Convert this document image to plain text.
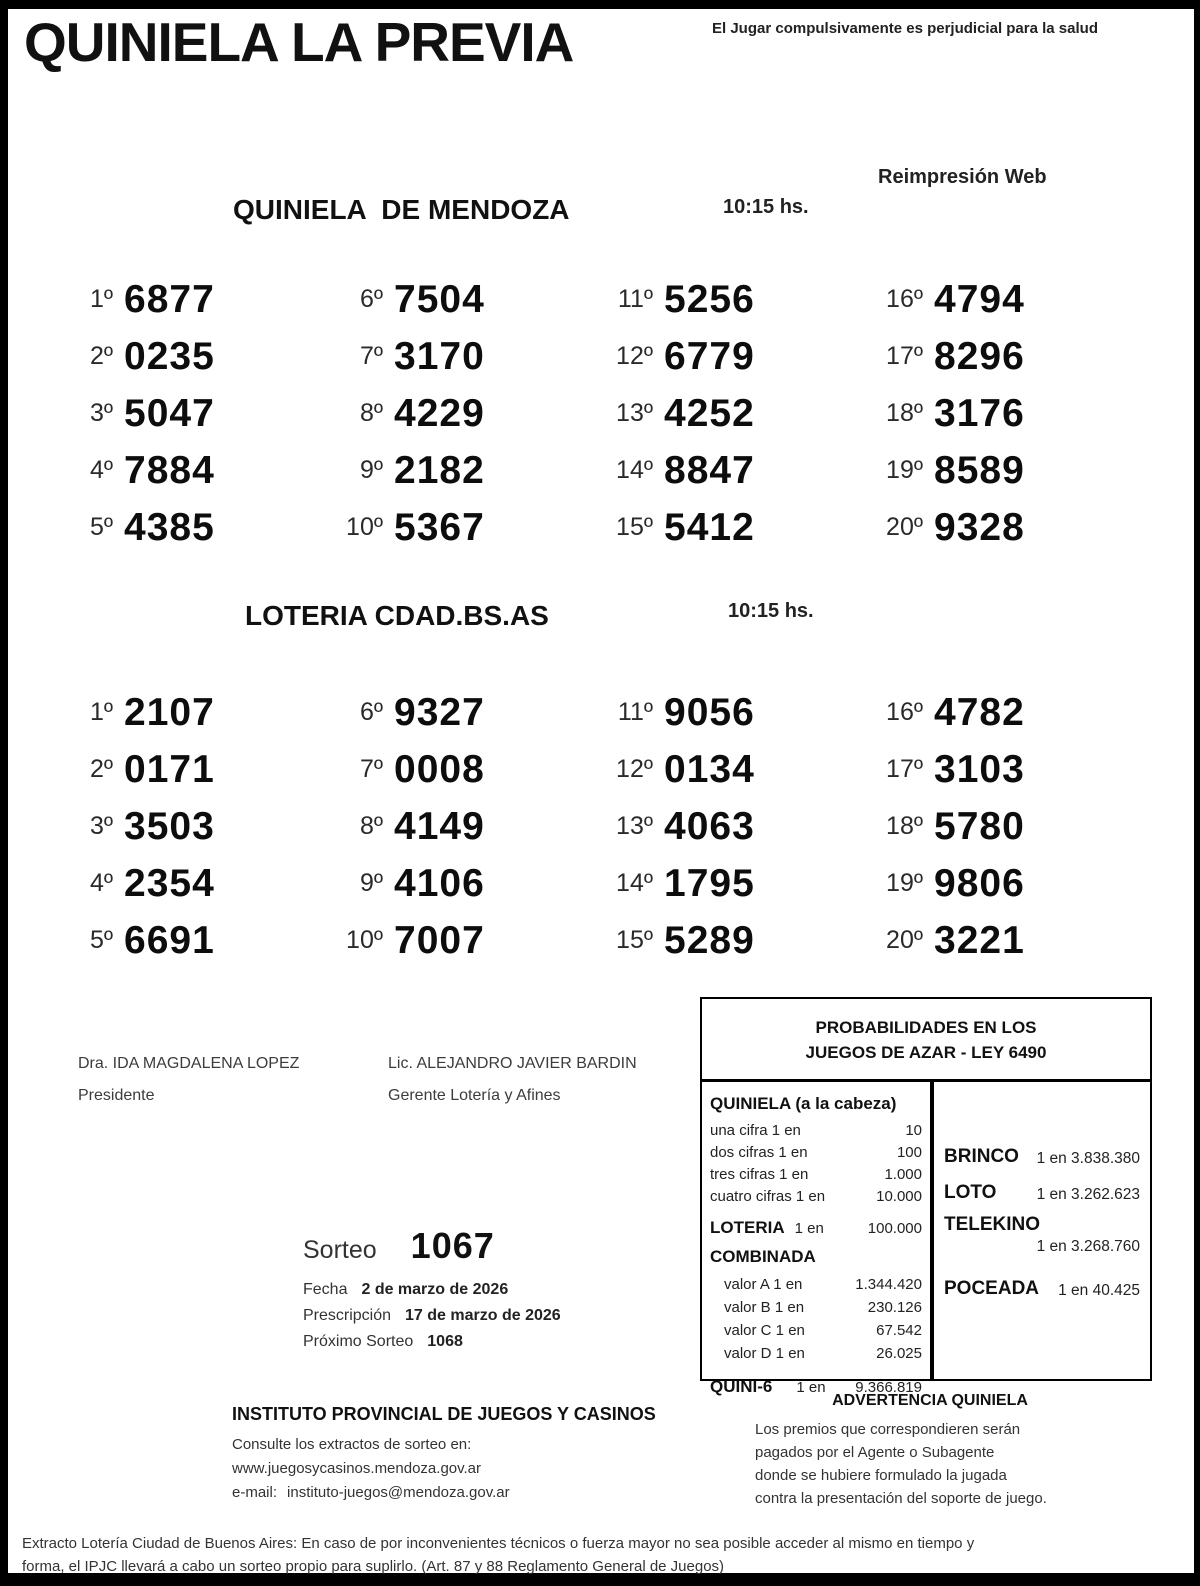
QUINIELA LA PREVIA	El Jugar compulsivamente es perjudicial para la salud
Reimpresión Web
QUINIELA  DE MENDOZA	10:15 hs.
1º 6877	6º 7504	11º 5256	16º 4794
2º 0235	7º 3170	12º 6779	17º 8296
3º 5047	8º 4229	13º 4252	18º 3176
4º 7884	9º 2182	14º 8847	19º 8589
5º 4385	10º 5367	15º 5412	20º 9328
LOTERIA CDAD.BS.AS	10:15 hs.
1º 2107	6º 9327	11º 9056	16º 4782
2º 0171	7º 0008	12º 0134	17º 3103
3º 3503	8º 4149	13º 4063	18º 5780
4º 2354	9º 4106	14º 1795	19º 9806
5º 6691	10º 7007	15º 5289	20º 3221
Dra. IDA MAGDALENA LOPEZ
Presidente
Lic. ALEJANDRO JAVIER BARDIN
Gerente Lotería y Afines
PROBABILIDADES EN LOS
JUEGOS DE AZAR - LEY 6490
QUINIELA (a la cabeza)
una cifra 1 en	10
dos cifras 1 en	100
tres cifras 1 en	1.000
cuatro cifras 1 en	10.000
LOTERIA 1 en	100.000
COMBINADA
valor A 1 en	1.344.420
valor B 1 en	230.126
valor C 1 en	67.542
valor D 1 en	26.025
QUINI-6 1 en 9.366.819
BRINCO 1 en 3.838.380
LOTO	1 en 3.262.623
TELEKINO
1 en 3.268.760
POCEADA 1 en 40.425
Sorteo 1067
Fecha 2 de marzo de 2026
Prescripción 17 de marzo de 2026
Próximo Sorteo 1068
ADVERTENCIA QUINIELA
Los premios que correspondieren serán
pagados por el Agente o Subagente
donde se hubiere formulado la jugada
contra la presentación del soporte de juego.
INSTITUTO PROVINCIAL DE JUEGOS Y CASINOS
Consulte los extractos de sorteo en:
www.juegosycasinos.mendoza.gov.ar
e-mail: instituto-juegos@mendoza.gov.ar
Extracto Lotería Ciudad de Buenos Aires: En caso de por inconvenientes técnicos o fuerza mayor no sea posible acceder al mismo en tiempo y
forma, el IPJC llevará a cabo un sorteo propio para suplirlo. (Art. 87 y 88 Reglamento General de Juegos)
